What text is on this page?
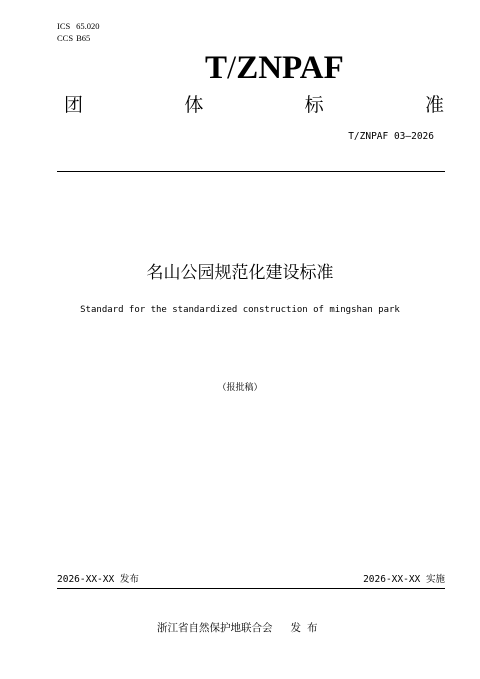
ICS 65.020
CCS B65
T/ZNPAF
团	体	标	准
T/ZNPAF 03—2026
名山公园规范化建设标准
Standard for the standardized construction of mingshan park
（报批稿）
2026-XX-XX 发布	2026-XX-XX 实施
浙江省自然保护地联合会 发布
